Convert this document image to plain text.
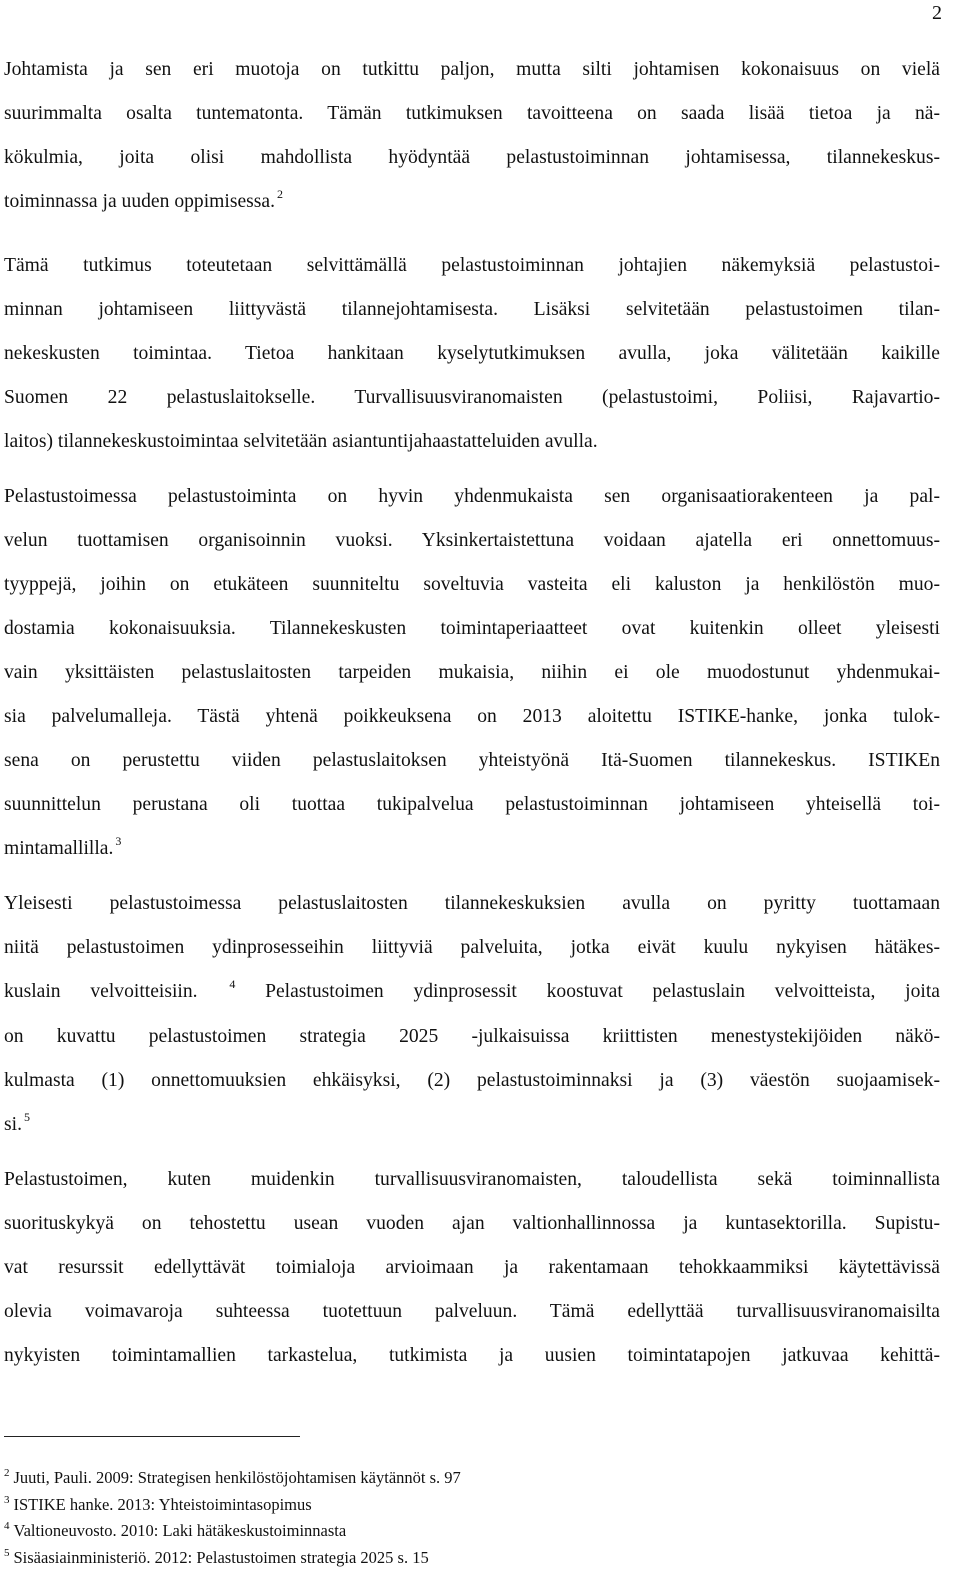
2
Johtamista ja sen eri muotoja on tutkittu paljon, mutta silti johtamisen kokonaisuus on vielä
suurimmalta osalta tuntematonta. Tämän tutkimuksen tavoitteena on saada lisää tietoa ja nä-
kökulmia, joita olisi mahdollista hyödyntää pelastustoiminnan johtamisessa, tilannekeskus-
toiminnassa ja uuden oppimisessa. $^2$
Tämä tutkimus toteutetaan selvittämällä pelastustoiminnan johtajien näkemyksiä pelastustoi-
minnan johtamiseen liittyvästä tilannejohtamisesta. Lisäksi selvitetään pelastustoimen tilan-
nekeskusten toimintaa. Tietoa hankitaan kyselytutkimuksen avulla, joka välitetään kaikille
Suomen 22 pelastuslaitokselle. Turvallisuusviranomaisten (pelastustoimi, Poliisi, Rajavartio-
laitos) tilannekeskustoimintaa selvitetään asiantuntijahaastatteluiden avulla.
Pelastustoimessa pelastustoiminta on hyvin yhdenmukaista sen organisaatiorakenteen ja pal-
velun tuottamisen organisoinnin vuoksi. Yksinkertaistettuna voidaan ajatella eri onnettomuus-
tyyppejä, joihin on etukäteen suunniteltu soveltuvia vasteita eli kaluston ja henkilöstön muo-
dostamia kokonaisuuksia. Tilannekeskusten toimintaperiaatteet ovat kuitenkin olleet yleisesti
vain yksittäisten pelastuslaitosten tarpeiden mukaisia, niihin ei ole muodostunut yhdenmukai-
sia palvelumalleja. Tästä yhtenä poikkeuksena on 2013 aloitettu ISTIKE-hanke, jonka tulok-
sena on perustettu viiden pelastuslaitoksen yhteistyönä Itä-Suomen tilannekeskus. ISTIKEn
suunnittelun perustana oli tuottaa tukipalvelua pelastustoiminnan johtamiseen yhteisellä toi-
mintamallilla. $^3$
Yleisesti pelastustoimessa pelastuslaitosten tilannekeskuksien avulla on pyritty tuottamaan
niitä pelastustoimen ydinprosesseihin liittyviä palveluita, jotka eivät kuulu nykyisen hätäkes-
kuslain velvoitteisiin.	$^4$ Pelastustoimen ydinprosessit koostuvat pelastuslain velvoitteista, joita
on kuvattu pelastustoimen strategia 2025 -julkaisuissa kriittisten menestystekijöiden näkö-
kulmasta (1) onnettomuuksien ehkäisyksi, (2) pelastustoiminnaksi ja (3) väestön suojaamisek-
si. $^5$
Pelastustoimen, kuten muidenkin turvallisuusviranomaisten, taloudellista sekä toiminnallista
suorituskykyä on tehostettu usean vuoden ajan valtionhallinnossa ja kuntasektorilla. Supistu-
vat resurssit edellyttävät toimialoja arvioimaan ja rakentamaan tehokkaammiksi käytettävissä
olevia voimavaroja suhteessa tuotettuun palveluun. Tämä edellyttää turvallisuusviranomaisilta
nykyisten toimintamallien tarkastelua, tutkimista ja uusien toimintatapojen jatkuvaa kehittä-
$^2$ Juuti, Pauli. 2009: Strategisen henkilöstöjohtamisen käytännöt s. 97
$^3$ ISTIKE hanke. 2013: Yhteistoimintasopimus
$^4$ Valtioneuvosto. 2010: Laki hätäkeskustoiminnasta
$^5$ Sisäasiainministeriö. 2012: Pelastustoimen strategia 2025 s. 15
